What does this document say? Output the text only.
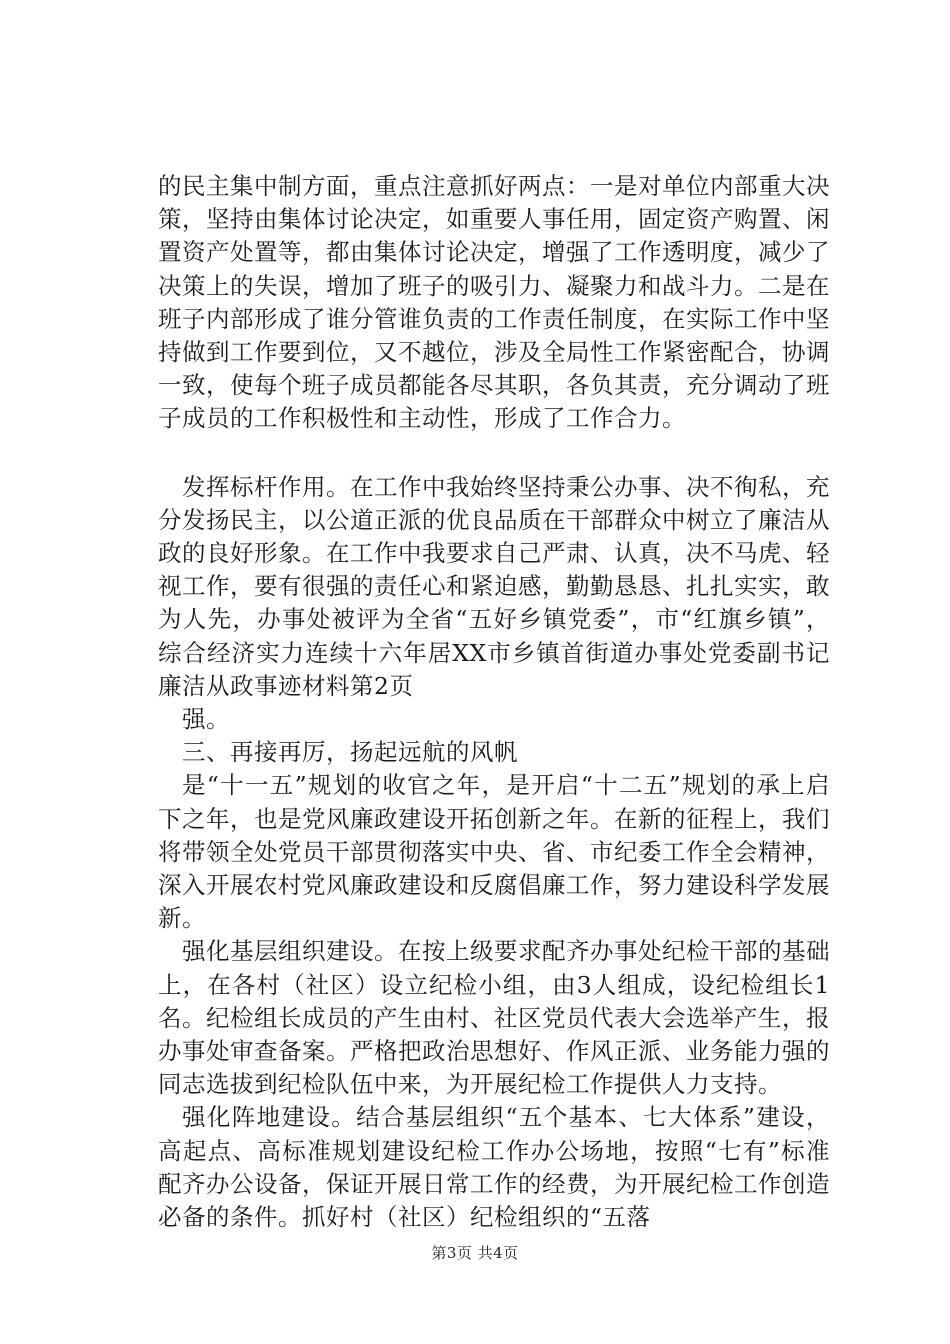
的民主集中制方面，重点注意抓好两点：一是对单位内部重大决策，坚持由集体讨论决定，如重要人事任用，固定资产购置、闲置资产处置等，都由集体讨论决定，增强了工作透明度，减少了决策上的失误，增加了班子的吸引力、凝聚力和战斗力。二是在班子内部形成了谁分管谁负责的工作责任制度，在实际工作中坚持做到工作要到位，又不越位，涉及全局性工作紧密配合，协调一致，使每个班子成员都能各尽其职，各负其责，充分调动了班子成员的工作积极性和主动性，形成了工作合力。

发挥标杆作用。在工作中我始终坚持秉公办事、决不徇私，充分发扬民主，以公道正派的优良品质在干部群众中树立了廉洁从政的良好形象。在工作中我要求自己严肃、认真，决不马虎、轻视工作，要有很强的责任心和紧迫感，勤勤恳恳、扎扎实实，敢为人先，办事处被评为全省“五好乡镇党委”，市“红旗乡镇”，综合经济实力连续十六年居XX市乡镇首街道办事处党委副书记廉洁从政事迹材料第2页

强。

三、再接再厉，扬起远航的风帆

是“十一五”规划的收官之年，是开启“十二五”规划的承上启下之年，也是党风廉政建设开拓创新之年。在新的征程上，我们将带领全处党员干部贯彻落实中央、省、市纪委工作全会精神，深入开展农村党风廉政建设和反腐倡廉工作，努力建设科学发展新。

强化基层组织建设。在按上级要求配齐办事处纪检干部的基础上，在各村（社区）设立纪检小组，由3人组成，设纪检组长1名。纪检组长成员的产生由村、社区党员代表大会选举产生，报办事处审查备案。严格把政治思想好、作风正派、业务能力强的同志选拔到纪检队伍中来，为开展纪检工作提供人力支持。

强化阵地建设。结合基层组织“五个基本、七大体系”建设，高起点、高标准规划建设纪检工作办公场地，按照“七有”标准配齐办公设备，保证开展日常工作的经费，为开展纪检工作创造必备的条件。抓好村（社区）纪检组织的“五落

第3页 共4页
